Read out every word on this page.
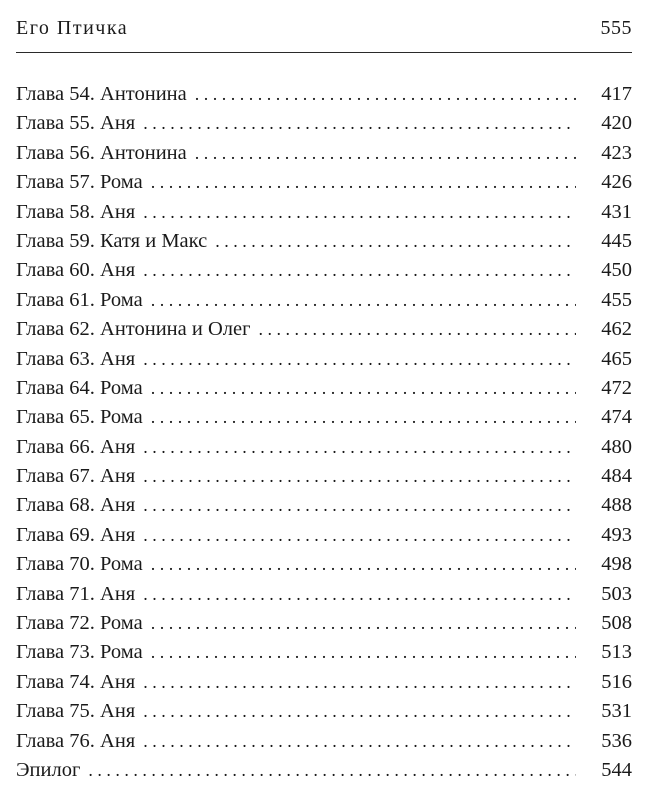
Его Птичка	555
Глава 54. Антонина . . .	417
Глава 55. Аня . . .	420
Глава 56. Антонина . . .	423
Глава 57. Рома . . .	426
Глава 58. Аня . . .	431
Глава 59. Катя и Макс . . .	445
Глава 60. Аня . . .	450
Глава 61. Рома . . .	455
Глава 62. Антонина и Олег . . .	462
Глава 63. Аня . . .	465
Глава 64. Рома . . .	472
Глава 65. Рома . . .	474
Глава 66. Аня . . .	480
Глава 67. Аня . . .	484
Глава 68. Аня . . .	488
Глава 69. Аня . . .	493
Глава 70. Рома . . .	498
Глава 71. Аня . . .	503
Глава 72. Рома . . .	508
Глава 73. Рома . . .	513
Глава 74. Аня . . .	516
Глава 75. Аня . . .	531
Глава 76. Аня . . .	536
Эпилог . . .	544
